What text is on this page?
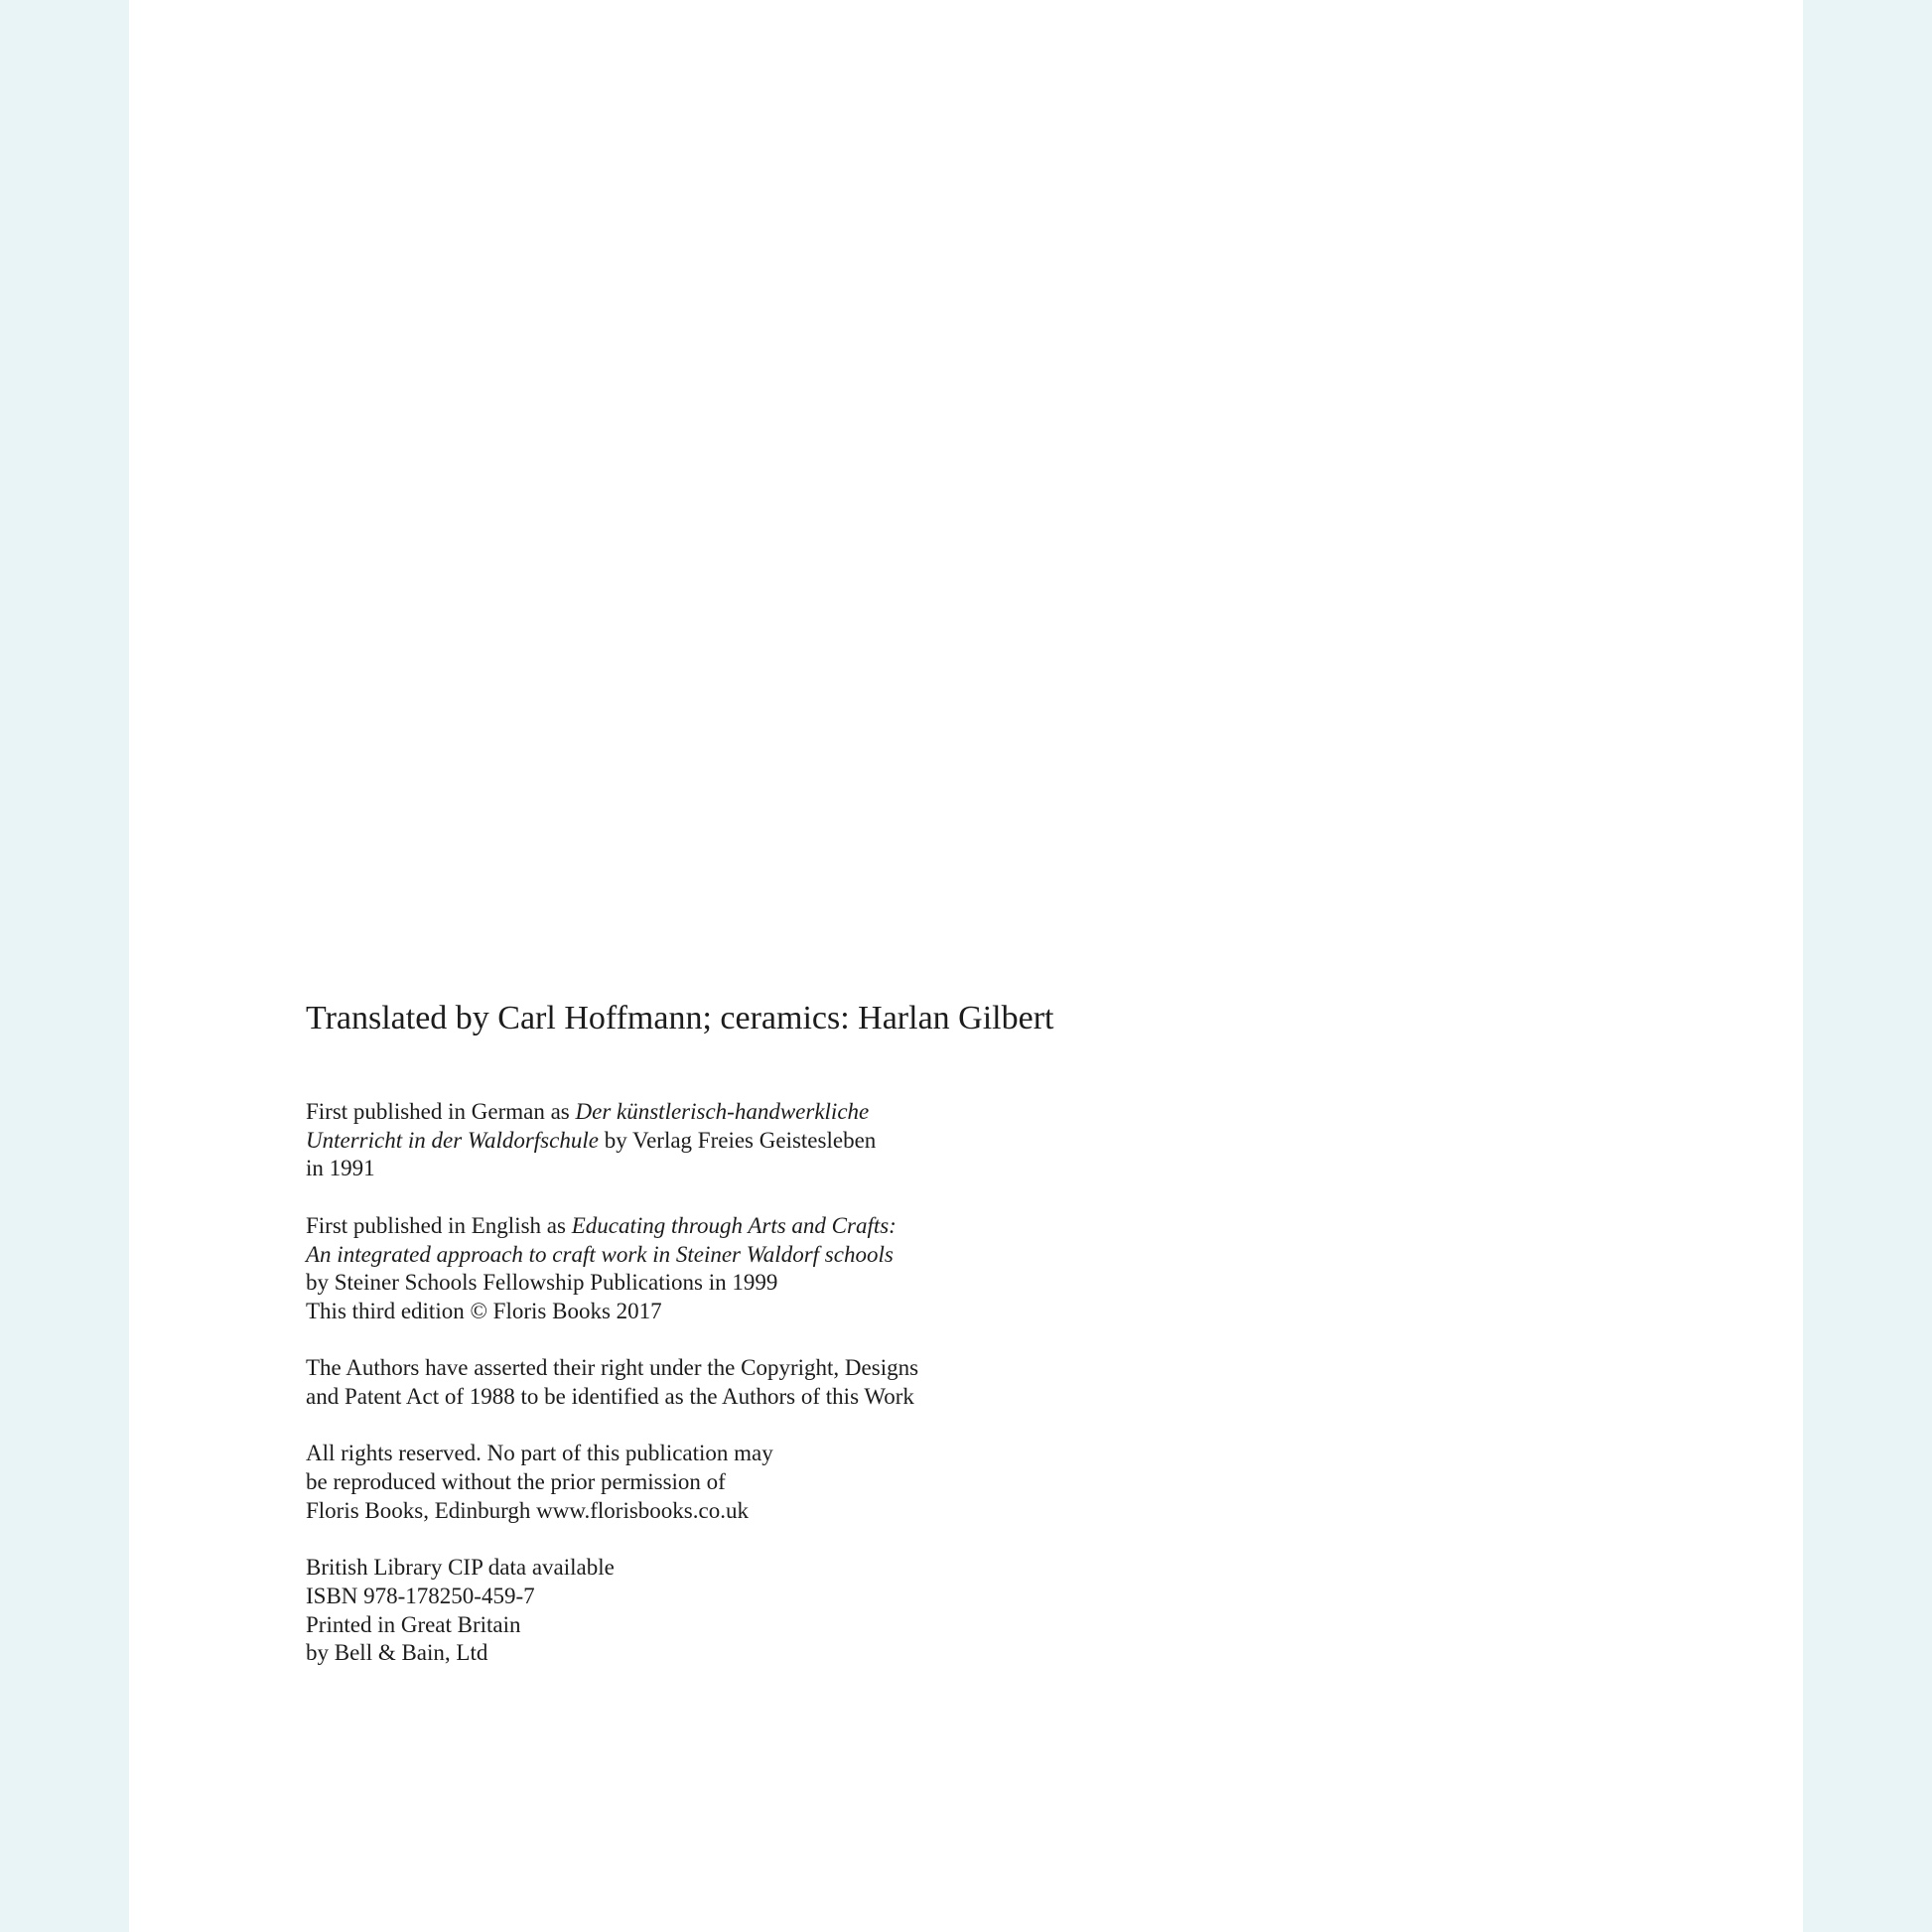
Translated by Carl Hoffmann; ceramics: Harlan Gilbert

First published in German as Der künstlerisch-handwerkliche
Unterricht in der Waldorfschule by Verlag Freies Geistesleben
in 1991

First published in English as Educating through Arts and Crafts:
An integrated approach to craft work in Steiner Waldorf schools
by Steiner Schools Fellowship Publications in 1999
This third edition © Floris Books 2017

The Authors have asserted their right under the Copyright, Designs
and Patent Act of 1988 to be identified as the Authors of this Work

All rights reserved. No part of this publication may
be reproduced without the prior permission of
Floris Books, Edinburgh www.florisbooks.co.uk

British Library CIP data available
ISBN 978-178250-459-7
Printed in Great Britain
by Bell & Bain, Ltd
